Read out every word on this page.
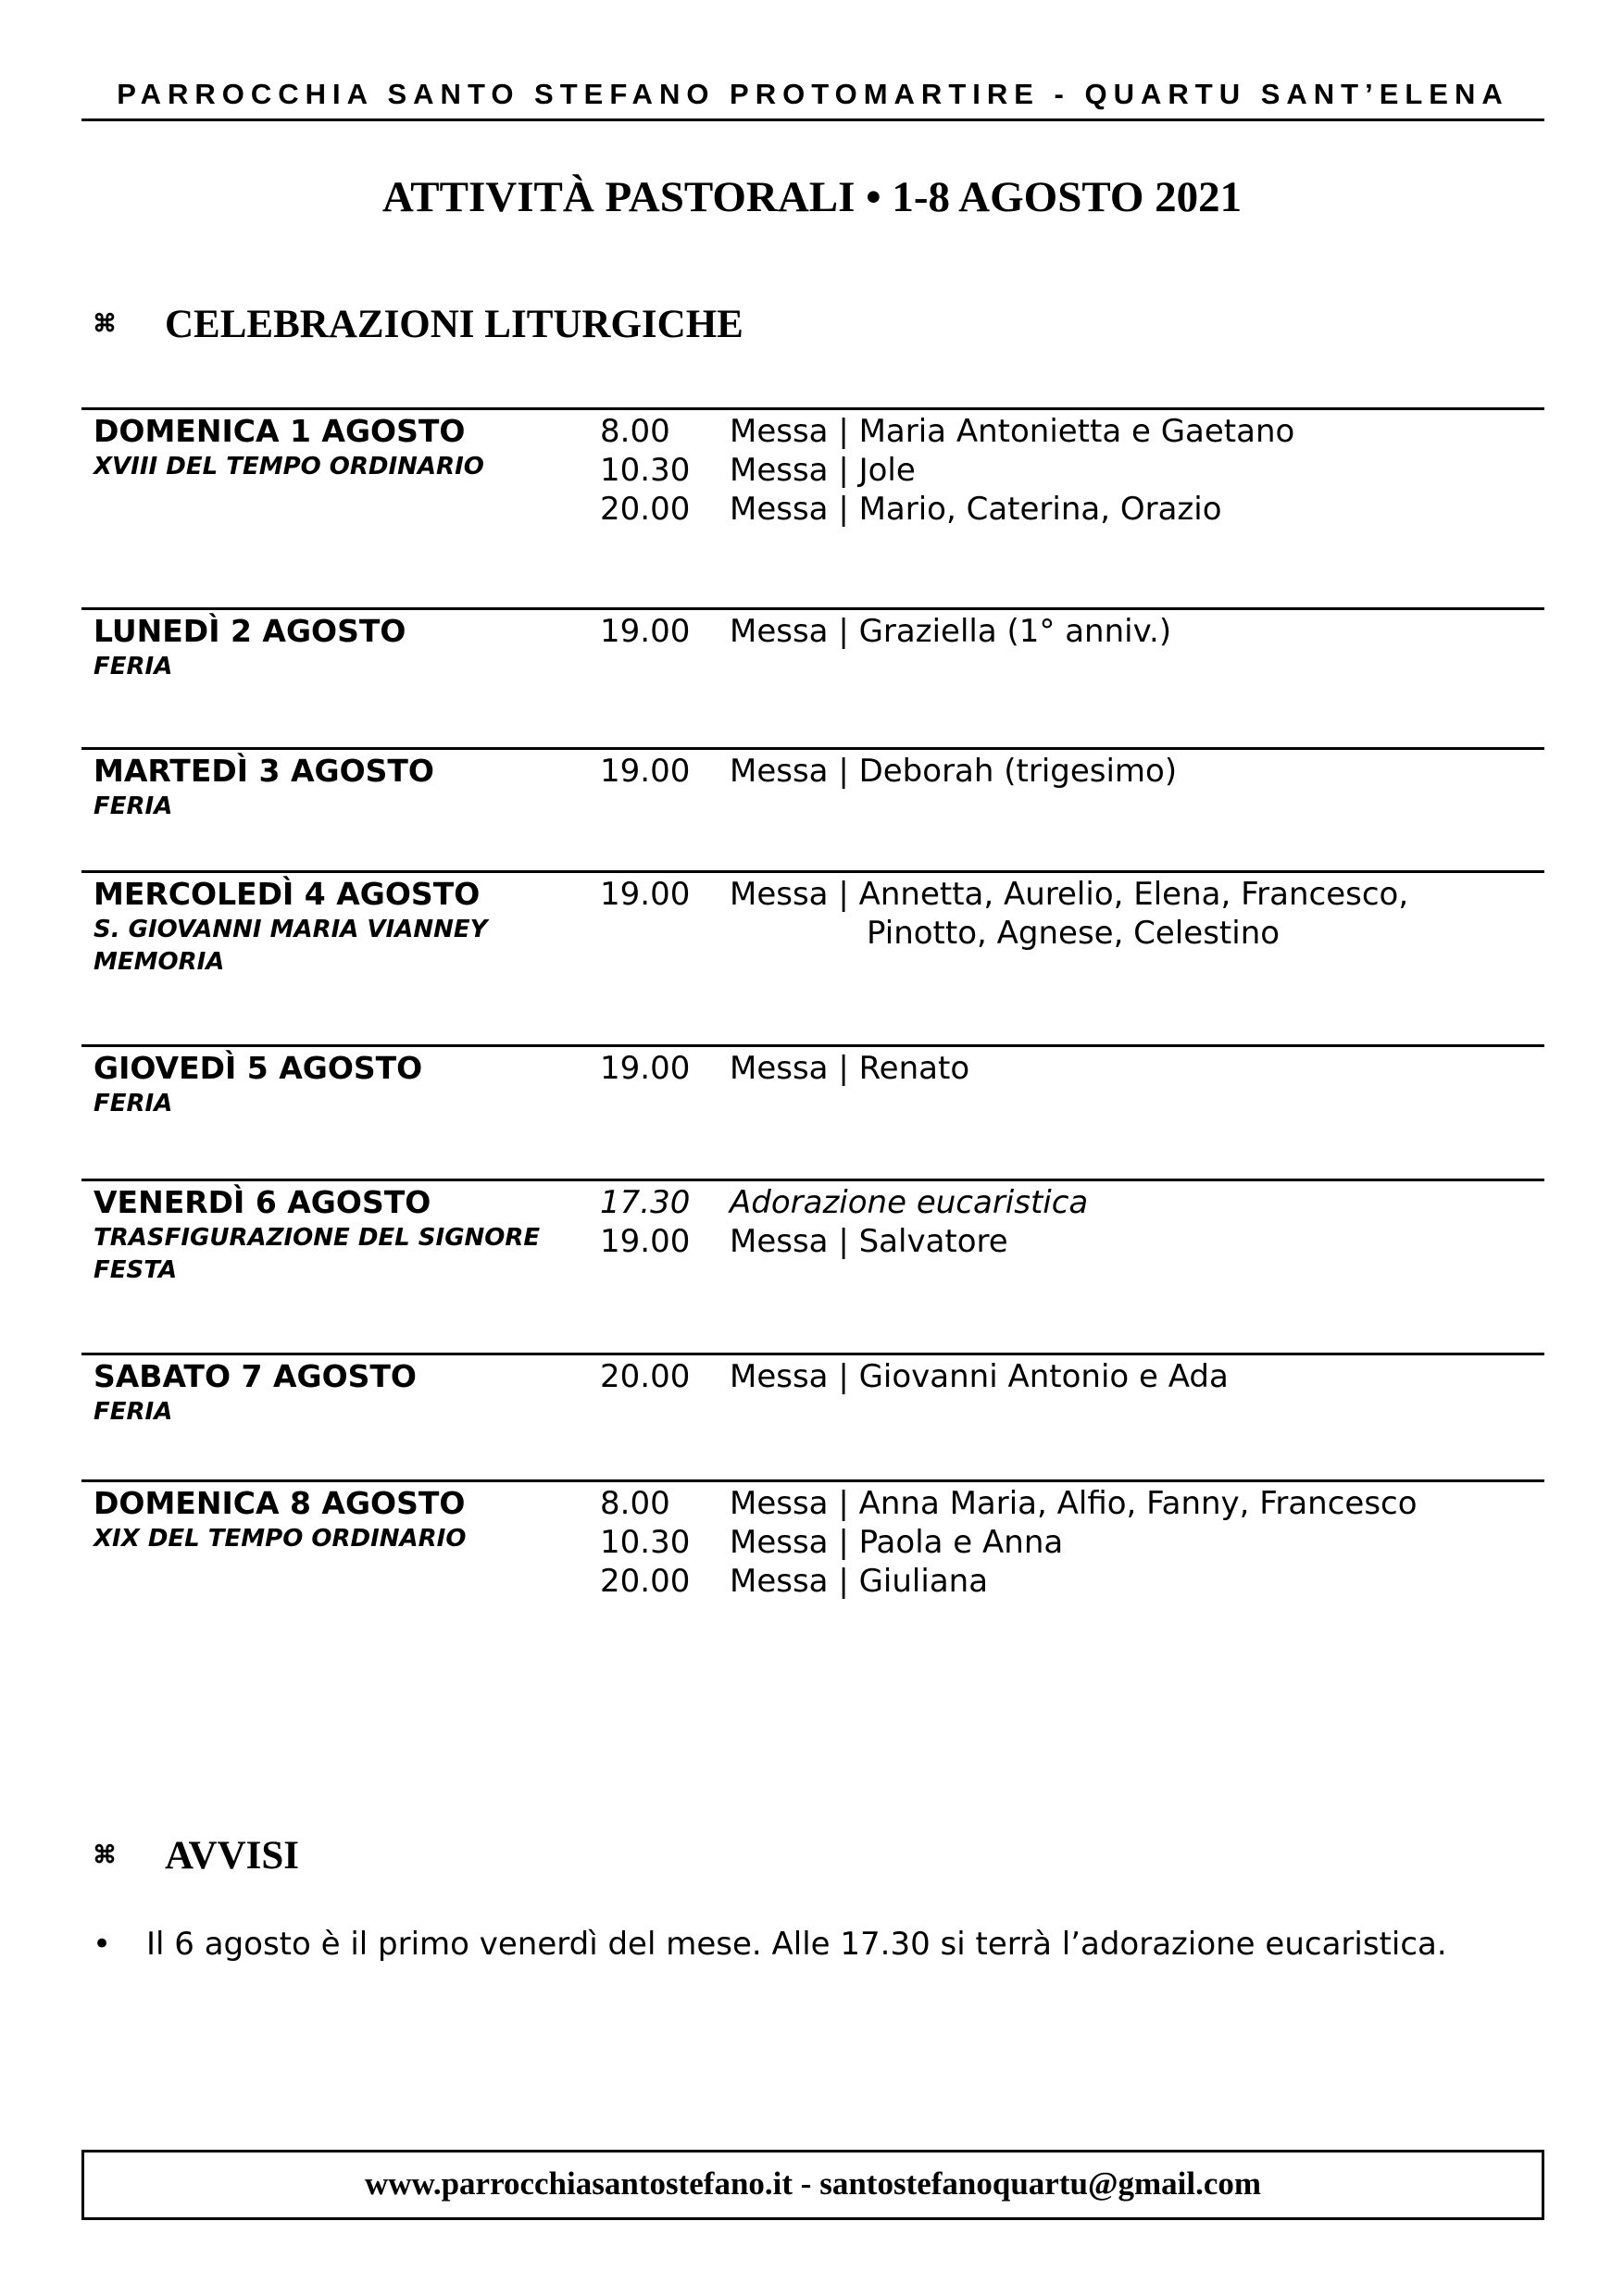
PARROCCHIA SANTO STEFANO PROTOMARTIRE - QUARTU SANT’ELENA
ATTIVITÀ PASTORALI • 1-8 AGOSTO 2021
⌘ CELEBRAZIONI LITURGICHE
DOMENICA 1 AGOSTO
XVIII DEL TEMPO ORDINARIO
8.00 Messa | Maria Antonietta e Gaetano
10.30 Messa | Jole
20.00 Messa | Mario, Caterina, Orazio
LUNEDÌ 2 AGOSTO
FERIA
19.00 Messa | Graziella (1° anniv.)
MARTEDÌ 3 AGOSTO
FERIA
19.00 Messa | Deborah (trigesimo)
MERCOLEDÌ 4 AGOSTO
S. GIOVANNI MARIA VIANNEY MEMORIA
19.00 Messa | Annetta, Aurelio, Elena, Francesco,
Pinotto, Agnese, Celestino
GIOVEDÌ 5 AGOSTO
FERIA
19.00 Messa | Renato
VENERDÌ 6 AGOSTO
TRASFIGURAZIONE DEL SIGNORE FESTA
17.30 Adorazione eucaristica
19.00 Messa | Salvatore
SABATO 7 AGOSTO
FERIA
20.00 Messa | Giovanni Antonio e Ada
DOMENICA 8 AGOSTO
XIX DEL TEMPO ORDINARIO
8.00 Messa | Anna Maria, Alfio, Fanny, Francesco
10.30 Messa | Paola e Anna
20.00 Messa | Giuliana
⌘ AVVISI
• Il 6 agosto è il primo venerdì del mese. Alle 17.30 si terrà l’adorazione eucaristica.
www.parrocchiasantostefano.it - santostefanoquartu@gmail.com
